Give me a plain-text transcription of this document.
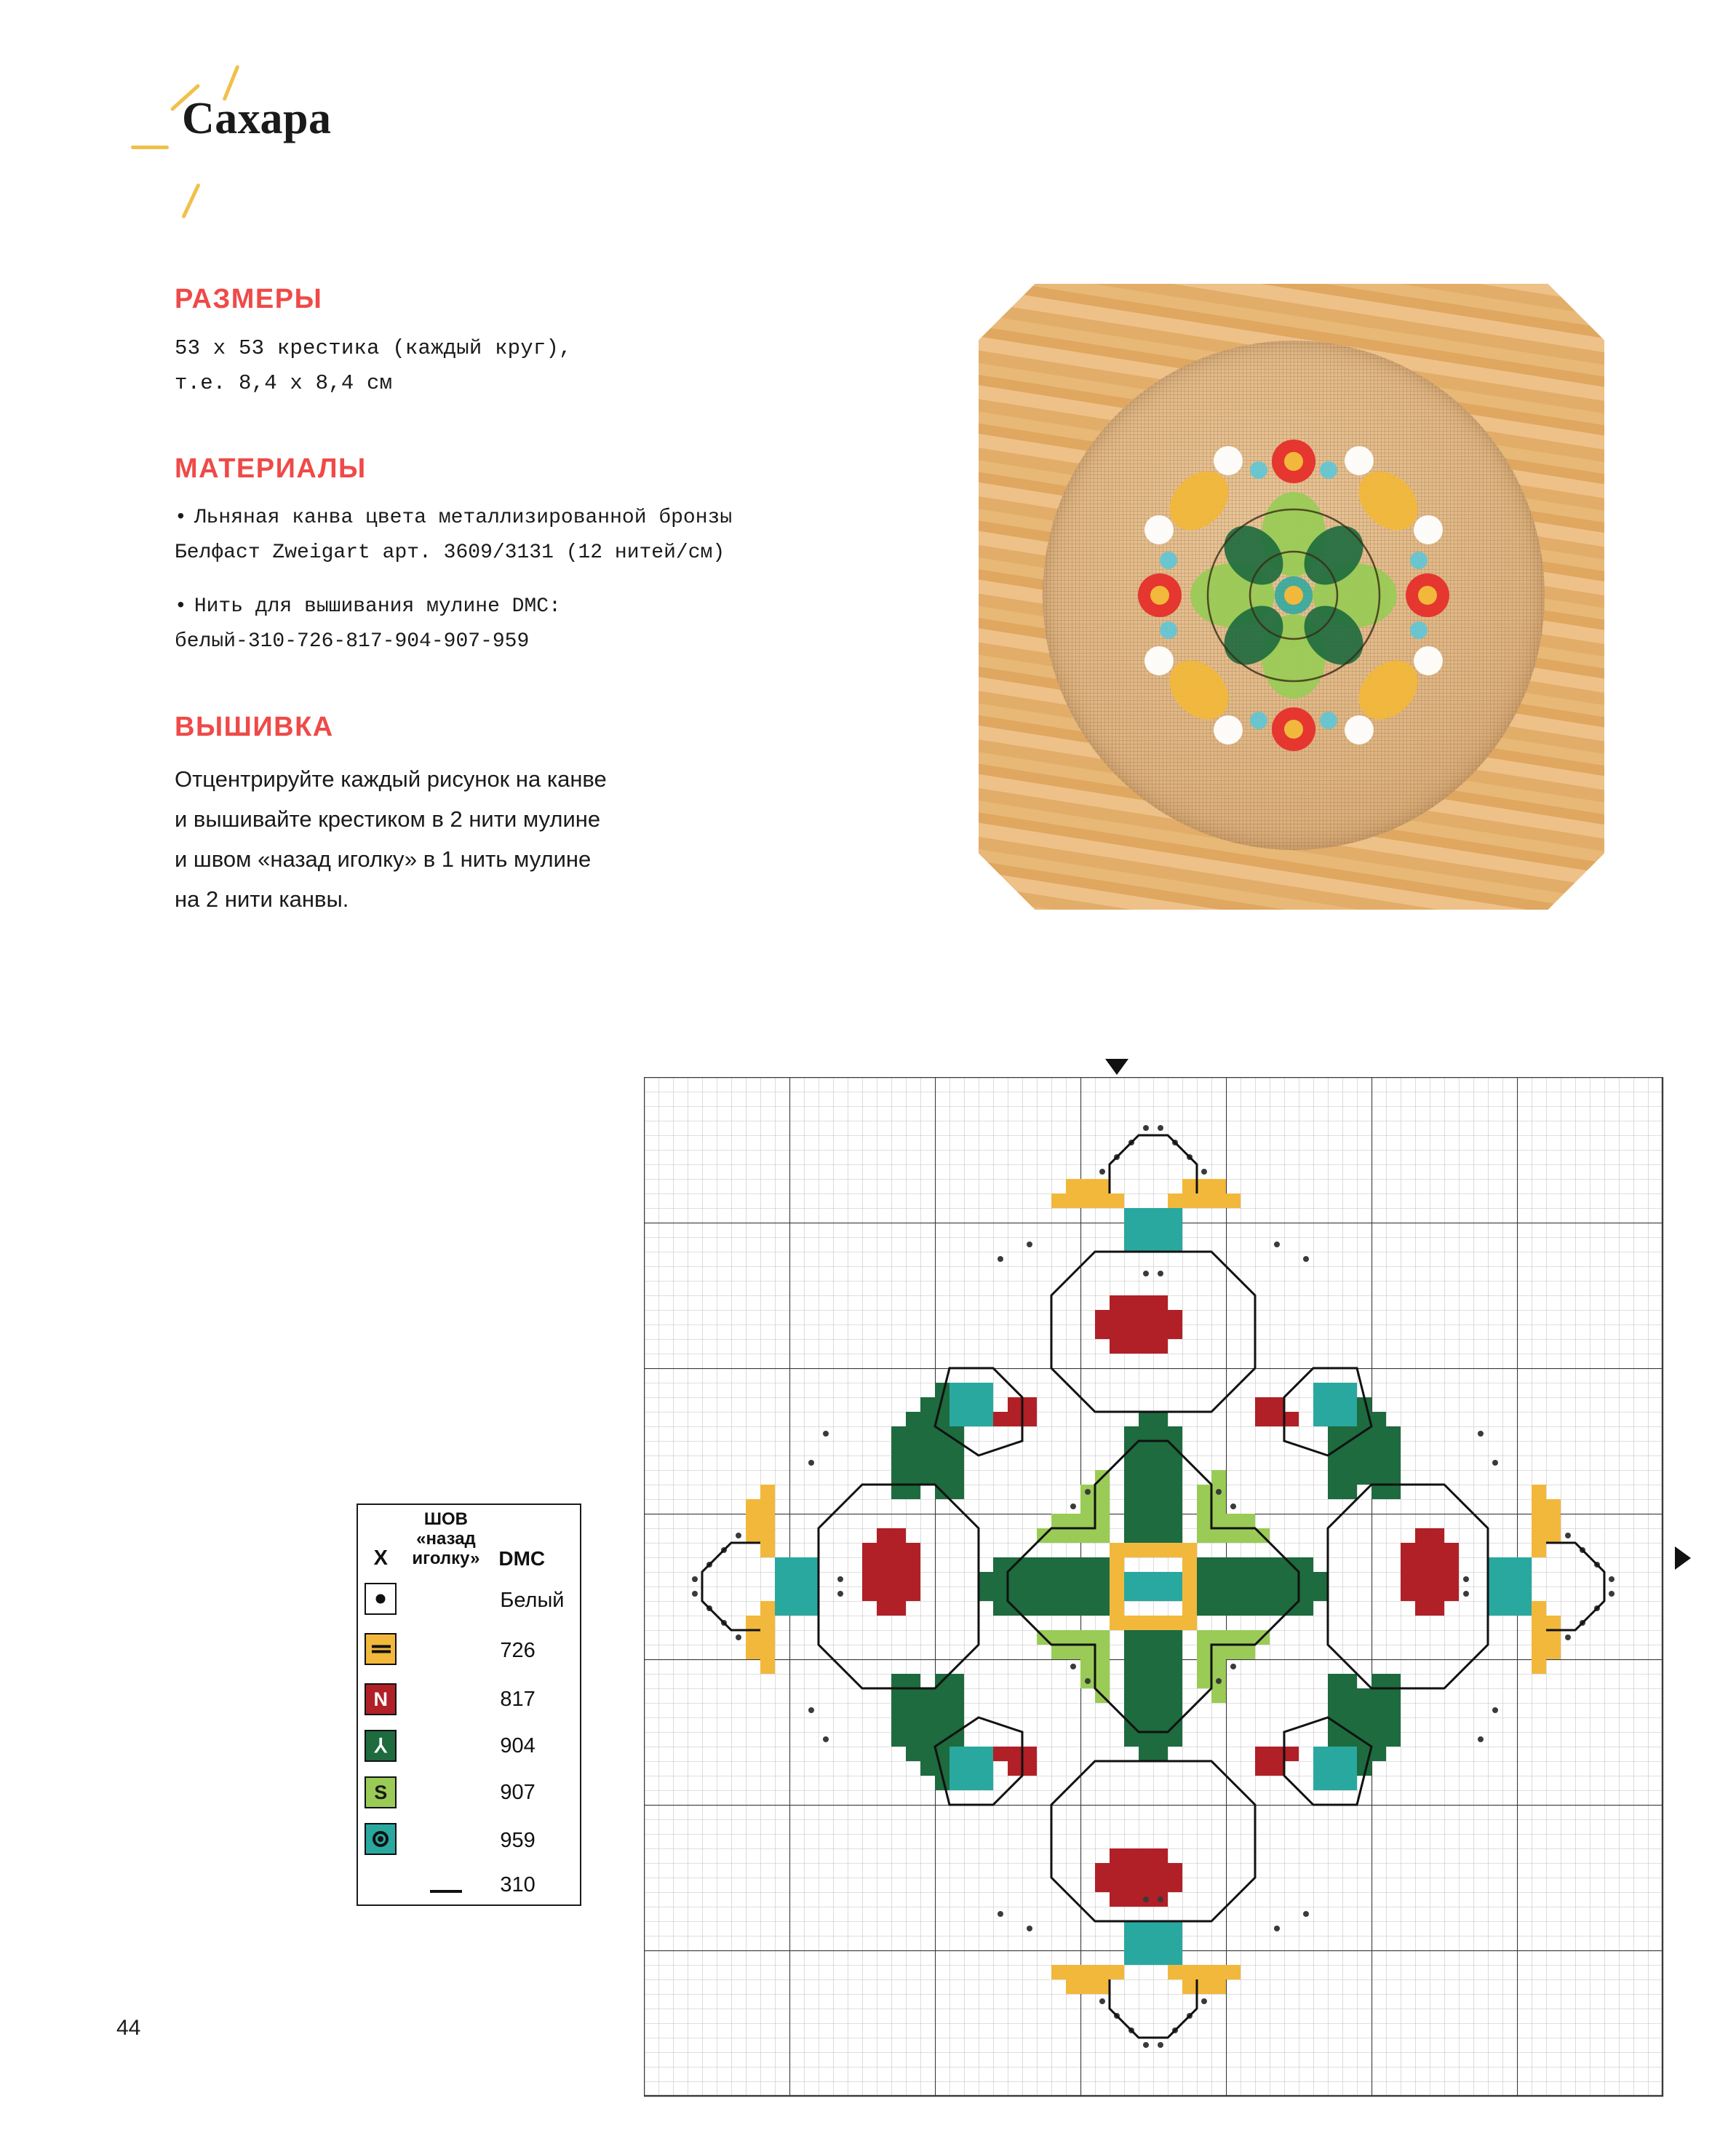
Сахара
РАЗМЕРЫ
53 х 53 крестика (каждый круг),
т.е. 8,4 х 8,4 см
МАТЕРИАЛЫ
• Льняная канва цвета металлизированной бронзы
Белфаст Zweigart арт. 3609/3131 (12 нитей/см)
• Нить для вышивания мулине DMC:
белый-310-726-817-904-907-959
ВЫШИВКА
Отцентрируйте каждый рисунок на канве
и вышивайте крестиком в 2 нити мулине
и швом «назад иголку» в 1 нить мулине
на 2 нити канвы.
X	ШОВ
«назад
иголку»	DMC
		Белый
		726
N		817
⅄		904
S		907
		959
		310
44
